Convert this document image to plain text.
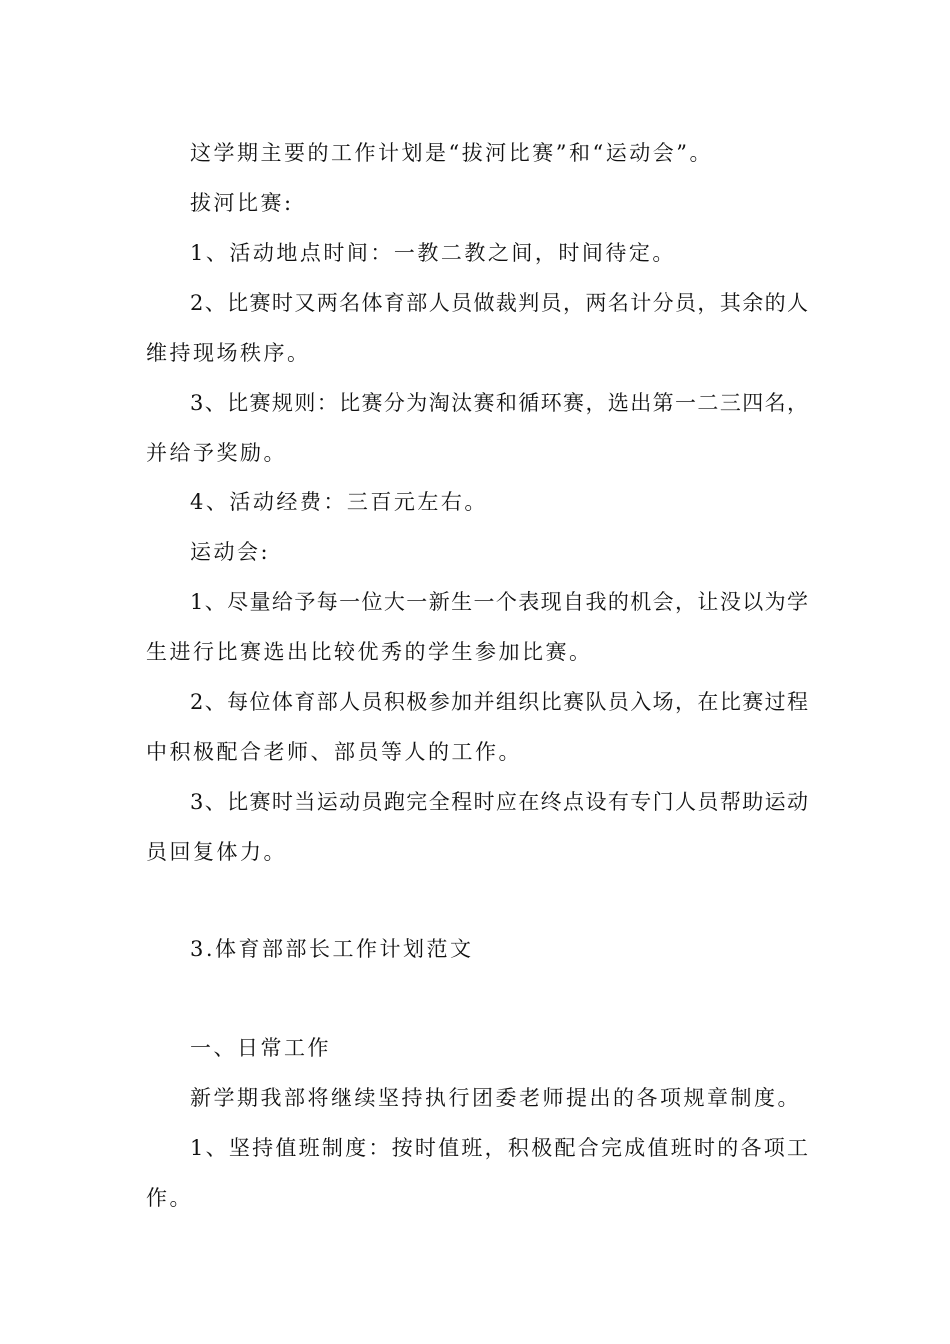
这学期主要的工作计划是“拔河比赛”和“运动会”。
拔河比赛:
1、活动地点时间：一教二教之间，时间待定。
2、比赛时又两名体育部人员做裁判员，两名计分员，其余的人
维持现场秩序。
3、比赛规则：比赛分为淘汰赛和循环赛，选出第一二三四名，
并给予奖励。
4、活动经费：三百元左右。
运动会:
1、尽量给予每一位大一新生一个表现自我的机会，让没以为学
生进行比赛选出比较优秀的学生参加比赛。
2、每位体育部人员积极参加并组织比赛队员入场，在比赛过程
中积极配合老师、部员等人的工作。
3、比赛时当运动员跑完全程时应在终点设有专门人员帮助运动
员回复体力。
3.体育部部长工作计划范文
一、日常工作
新学期我部将继续坚持执行团委老师提出的各项规章制度。
1、坚持值班制度：按时值班，积极配合完成值班时的各项工
作。
